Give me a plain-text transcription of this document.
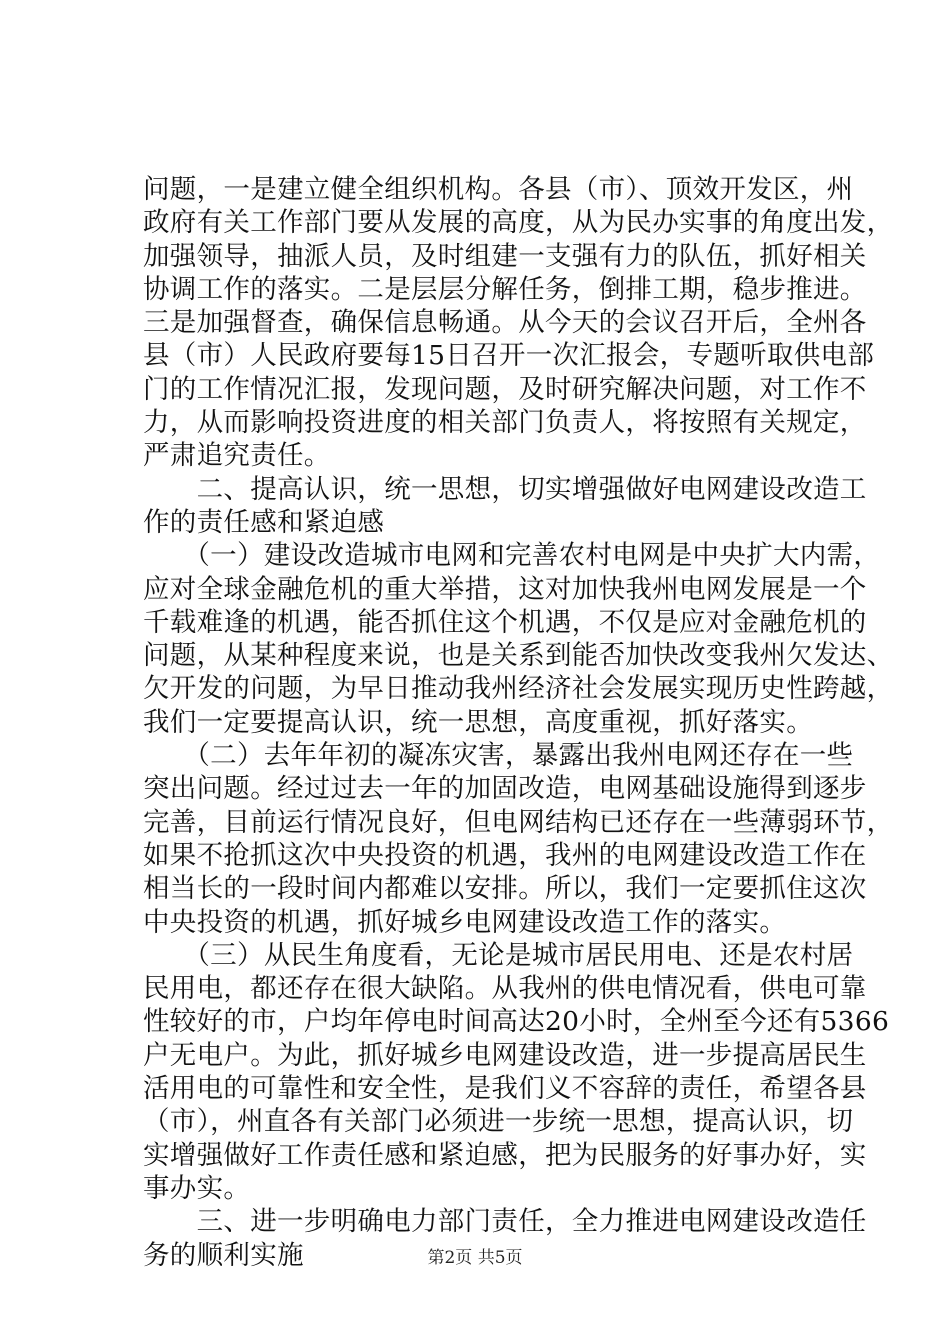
问题，一是建立健全组织机构。各县（市）、顶效开发区，州
政府有关工作部门要从发展的高度，从为民办实事的角度出发，
加强领导，抽派人员，及时组建一支强有力的队伍，抓好相关
协调工作的落实。二是层层分解任务，倒排工期，稳步推进。
三是加强督查，确保信息畅通。从今天的会议召开后，全州各
县（市）人民政府要每15日召开一次汇报会，专题听取供电部
门的工作情况汇报，发现问题，及时研究解决问题，对工作不
力，从而影响投资进度的相关部门负责人，将按照有关规定，
严肃追究责任。
　　二、提高认识，统一思想，切实增强做好电网建设改造工
作的责任感和紧迫感
　　（一）建设改造城市电网和完善农村电网是中央扩大内需，
应对全球金融危机的重大举措，这对加快我州电网发展是一个
千载难逢的机遇，能否抓住这个机遇，不仅是应对金融危机的
问题，从某种程度来说，也是关系到能否加快改变我州欠发达、
欠开发的问题，为早日推动我州经济社会发展实现历史性跨越，
我们一定要提高认识，统一思想，高度重视，抓好落实。
　　（二）去年年初的凝冻灾害，暴露出我州电网还存在一些
突出问题。经过过去一年的加固改造，电网基础设施得到逐步
完善，目前运行情况良好，但电网结构已还存在一些薄弱环节，
如果不抢抓这次中央投资的机遇，我州的电网建设改造工作在
相当长的一段时间内都难以安排。所以，我们一定要抓住这次
中央投资的机遇，抓好城乡电网建设改造工作的落实。
　　（三）从民生角度看，无论是城市居民用电、还是农村居
民用电，都还存在很大缺陷。从我州的供电情况看，供电可靠
性较好的市，户均年停电时间高达20小时，全州至今还有5366
户无电户。为此，抓好城乡电网建设改造，进一步提高居民生
活用电的可靠性和安全性，是我们义不容辞的责任，希望各县
（市），州直各有关部门必须进一步统一思想，提高认识，切
实增强做好工作责任感和紧迫感，把为民服务的好事办好，实
事办实。
　　三、进一步明确电力部门责任，全力推进电网建设改造任
务的顺利实施	第2页 共5页
